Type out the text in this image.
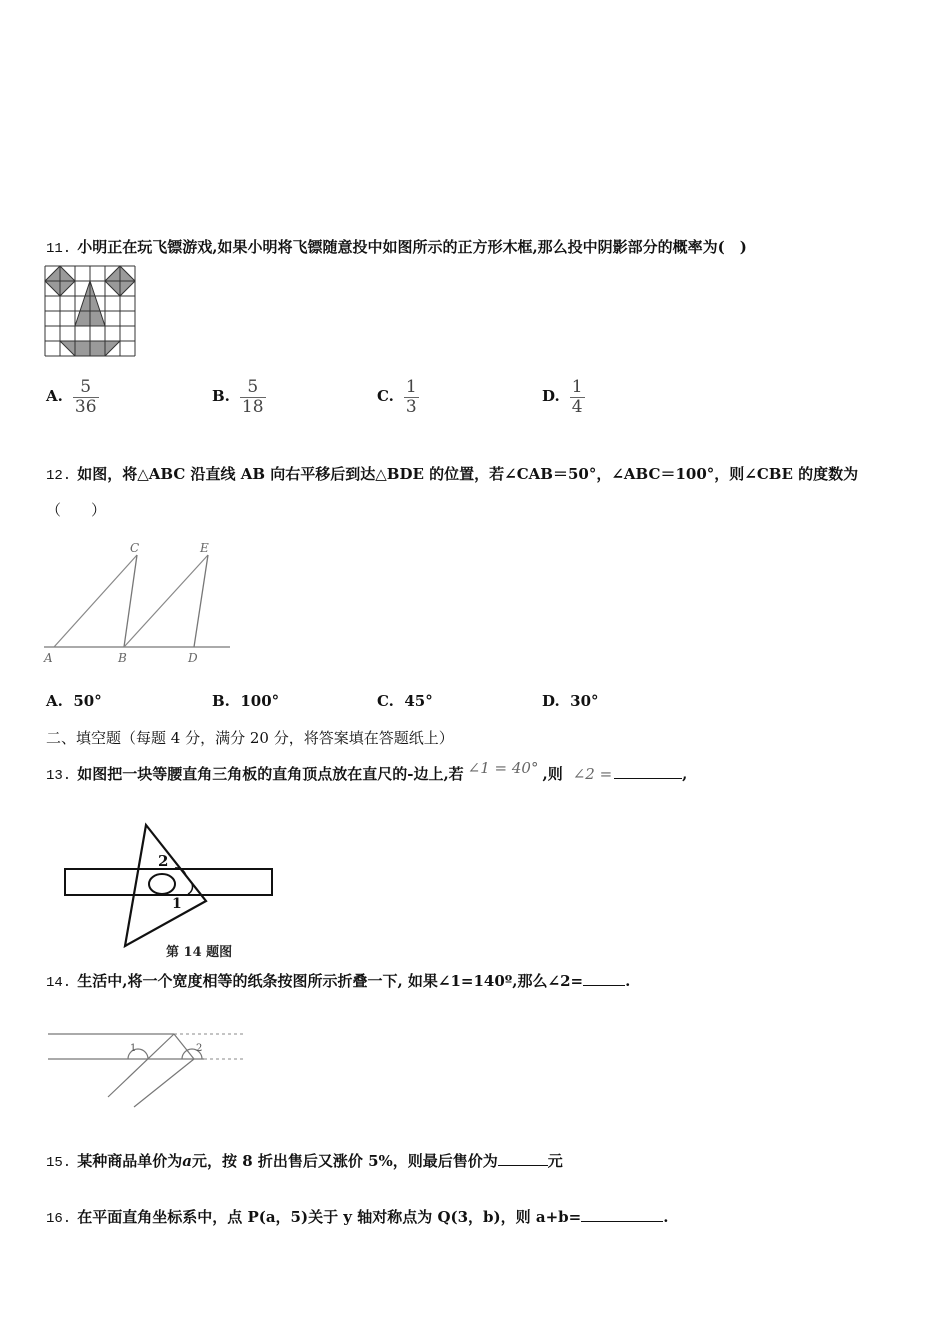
11. 小明正在玩飞镖游戏,如果小明将飞镖随意投中如图所示的正方形木框,那么投中阴影部分的概率为(　)
A. $\frac{5}{36}$	B. $\frac{5}{18}$	C. $\frac{1}{3}$	D. $\frac{1}{4}$
12. 如图，将△ABC 沿直线 AB 向右平移后到达△BDE 的位置，若∠CAB＝50°，∠ABC＝100°，则∠CBE 的度数为
（　　）
A	B	D
C	E
A. 50°	B. 100°	C. 45°	D. 30°
二、填空题（每题 4 分，满分 20 分，将答案填在答题纸上）
13. 如图把一块等腰直角三角板的直角顶点放在直尺的-边上,若 ∠1 = 40° ,则 ∠2 =	,
2
1
第 14 题图
14. 生活中,将一个宽度相等的纸条按图所示折叠一下, 如果∠1=140º,那么∠2=	.
1	2
15. 某种商品单价为a元，按 8 折出售后又涨价 5%，则最后售价为	元
16. 在平面直角坐标系中，点 P(a，5)关于 y 轴对称点为 Q(3，b)，则 a+b=	.
